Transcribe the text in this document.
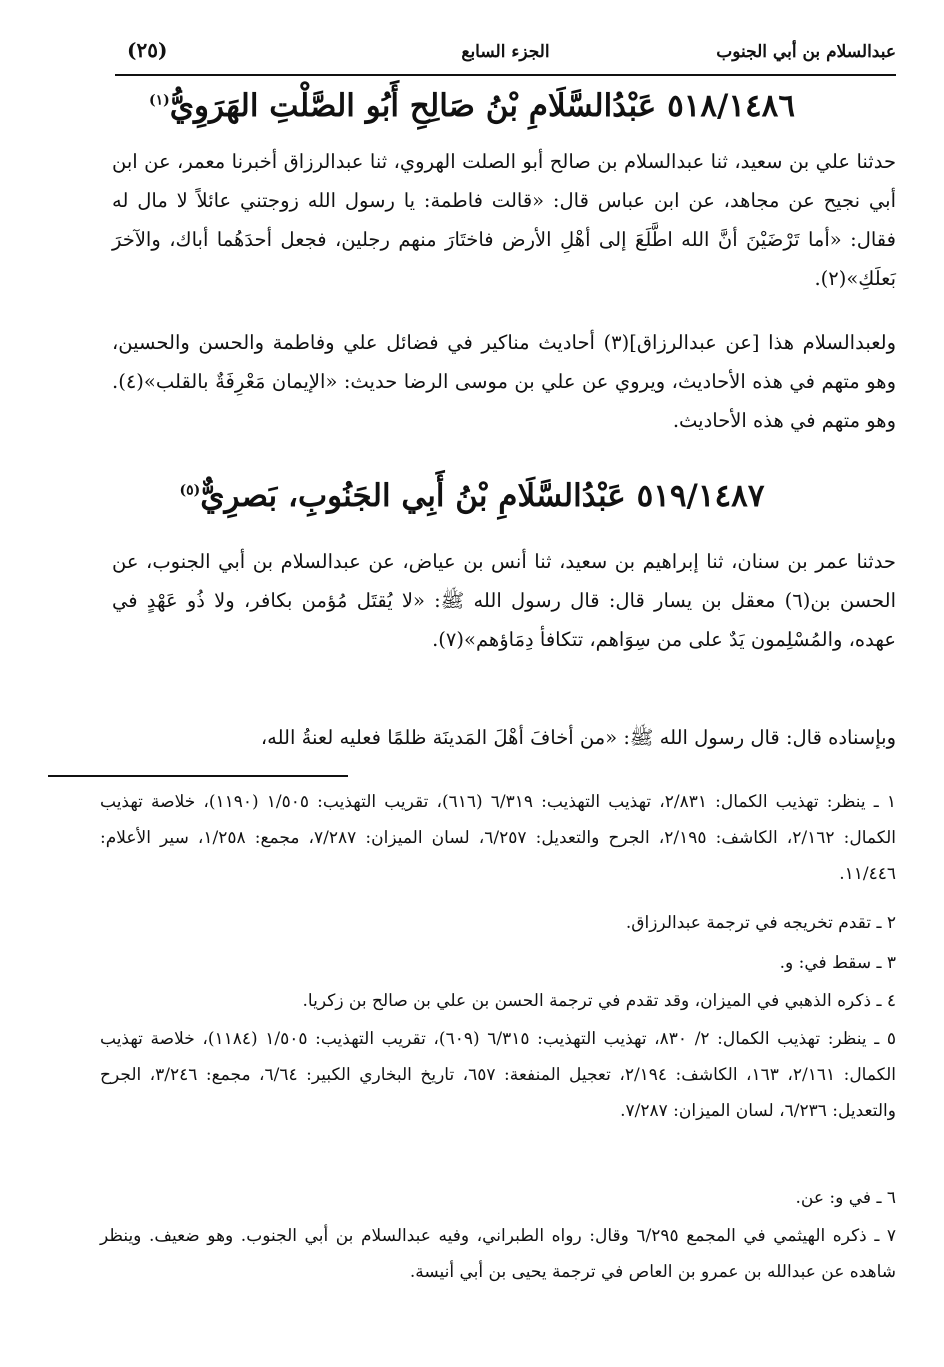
عبدالسلام بن أبي الجنوب
الجزء السابع
(٢٥)
٥١٨/١٤٨٦ عَبْدُالسَّلَامِ بْنُ صَالِحِ أَبُو الصَّلْتِ الهَرَوِيُّ$^{(١)}$

حدثنا علي بن سعيد، ثنا عبدالسلام بن صالح أبو الصلت الهروي، ثنا عبدالرزاق أخبرنا معمر، عن ابن أبي نجيح عن مجاهد، عن ابن عباس قال: «قالت فاطمة: يا رسول الله زوجتني عائلاً لا مال له فقال: «أما تَرْضَيْنَ أنَّ الله اطَّلَعَ إلى أهْلِ الأرض فاختَارَ منهم رجلين، فجعل أحدَهُما أباك، والآخرَ بَعلَكِ»(٢).

ولعبدالسلام هذا [عن عبدالرزاق](٣) أحاديث مناكير في فضائل علي وفاطمة والحسن والحسين، وهو متهم في هذه الأحاديث، ويروي عن علي بن موسى الرضا حديث: «الإيمان مَعْرِفَةٌ بالقلب»(٤). وهو متهم في هذه الأحاديث.

٥١٩/١٤٨٧ عَبْدُالسَّلَامِ بْنُ أَبِي الجَنُوبِ، بَصرِيٌّ$^{(٥)}$

حدثنا عمر بن سنان، ثنا إبراهيم بن سعيد، ثنا أنس بن عياض، عن عبدالسلام بن أبي الجنوب، عن الحسن بن(٦) معقل بن يسار قال: قال رسول الله ﷺ: «لا يُقتَل مُؤمن بكافر، ولا ذُو عَهْدٍ في عهده، والمُسْلِمون يَدٌ على من سِوَاهم، تتكافأ دِمَاؤهم»(٧).

وبإسناده قال: قال رسول الله ﷺ: «من أخافَ أهْلَ المَدينَة ظلمًا فعليه لعنةُ الله،

١ ـ ينظر: تهذيب الكمال: ٢/٨٣١، تهذيب التهذيب: ٦/٣١٩ (٦١٦)، تقريب التهذيب: ١/٥٠٥ (١١٩٠)، خلاصة تهذيب الكمال: ٢/١٦٢، الكاشف: ٢/١٩٥، الجرح والتعديل: ٦/٢٥٧، لسان الميزان: ٧/٢٨٧، مجمع: ١/٢٥٨، سير الأعلام: ١١/٤٤٦.

٢ ـ تقدم تخريجه في ترجمة عبدالرزاق.

٣ ـ سقط في: و.

٤ ـ ذكره الذهبي في الميزان، وقد تقدم في ترجمة الحسن بن علي بن صالح بن زكريا.

٥ ـ ينظر: تهذيب الكمال: ٢/ ٨٣٠، تهذيب التهذيب: ٦/٣١٥ (٦٠٩)، تقريب التهذيب: ١/٥٠٥ (١١٨٤)، خلاصة تهذيب الكمال: ٢/١٦١، ١٦٣، الكاشف: ٢/١٩٤، تعجيل المنفعة: ٦٥٧، تاريخ البخاري الكبير: ٦/٦٤، مجمع: ٣/٢٤٦، الجرح والتعديل: ٦/٢٣٦، لسان الميزان: ٧/٢٨٧.

٦ ـ في و: عن.

٧ ـ ذكره الهيثمي في المجمع ٦/٢٩٥ وقال: رواه الطبراني، وفيه عبدالسلام بن أبي الجنوب. وهو ضعيف. وينظر شاهده عن عبدالله بن عمرو بن العاص في ترجمة يحيى بن أبي أنيسة.
